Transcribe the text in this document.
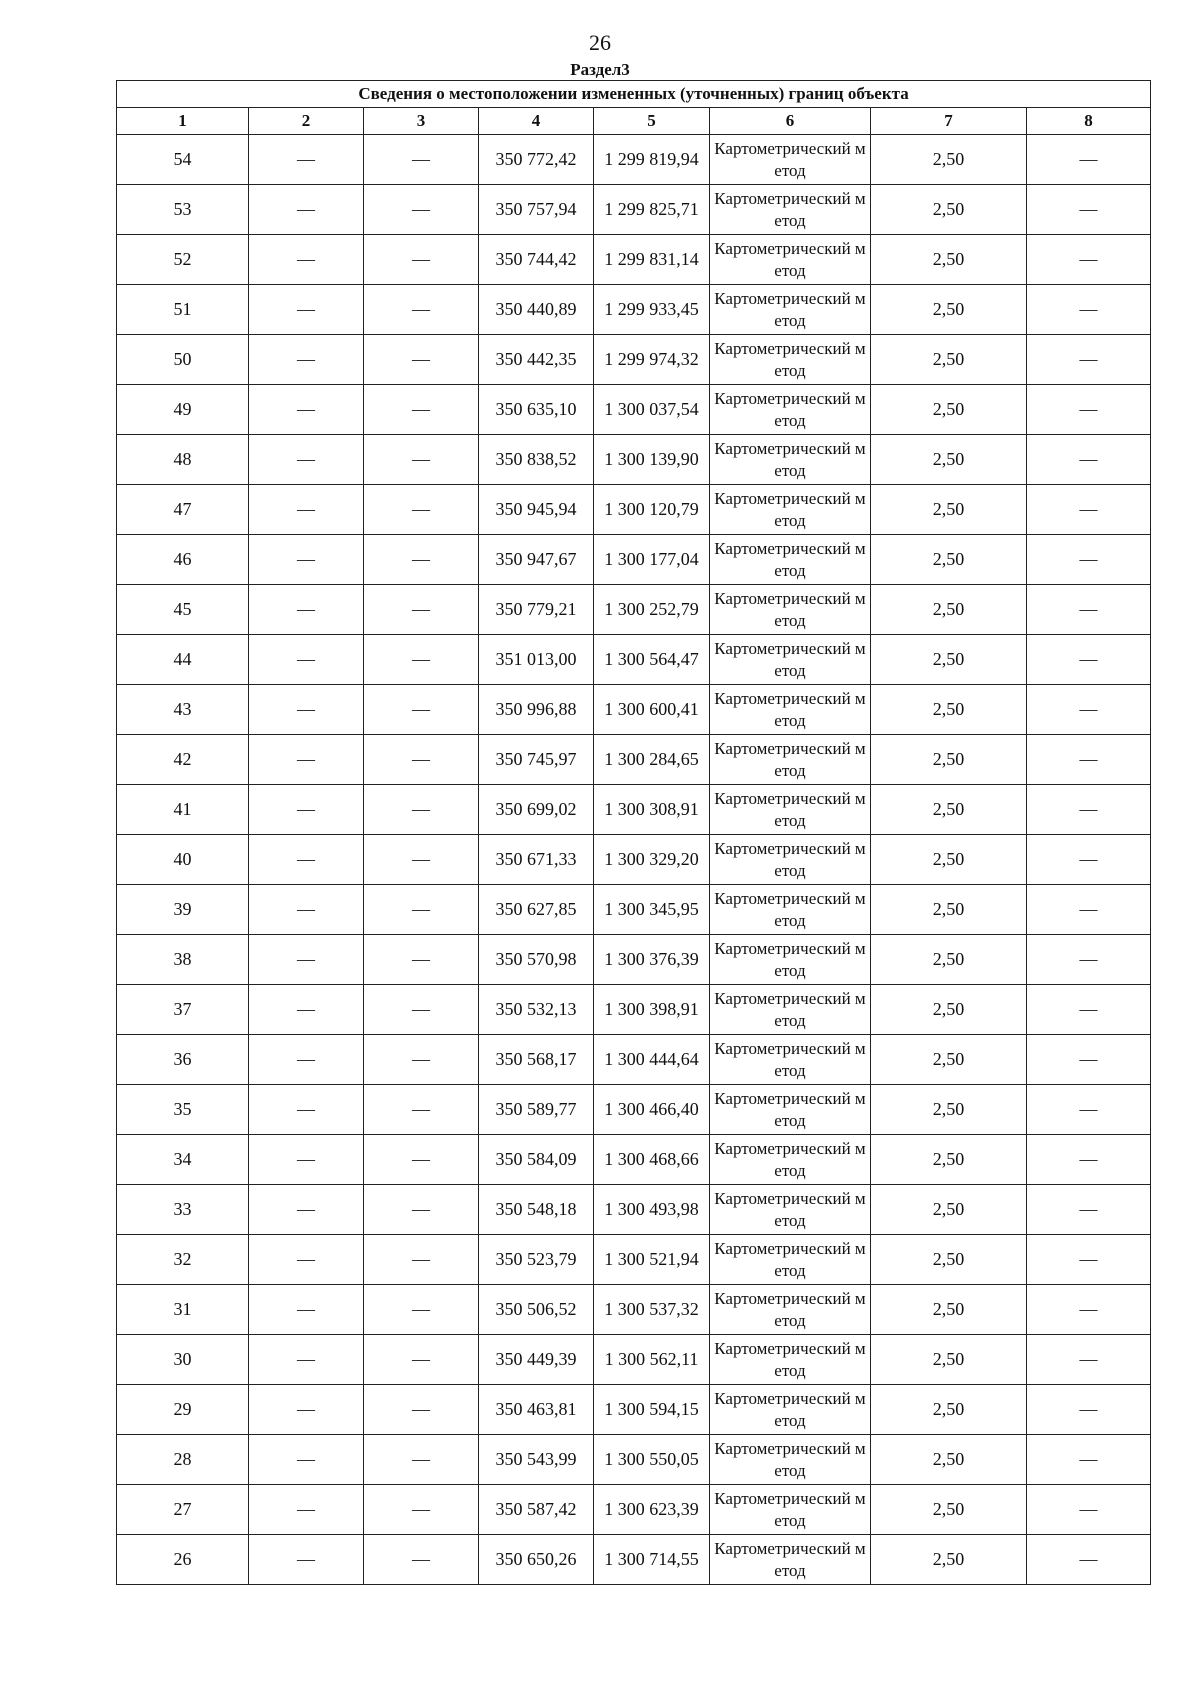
26
Раздел3
Сведения о местоположении измененных (уточненных) границ объекта							
1	2	3	4	5	6	7	8
54	—	—	350 772,42	1 299 819,94	Картометрический метод	2,50	—
53	—	—	350 757,94	1 299 825,71	Картометрический метод	2,50	—
52	—	—	350 744,42	1 299 831,14	Картометрический метод	2,50	—
51	—	—	350 440,89	1 299 933,45	Картометрический метод	2,50	—
50	—	—	350 442,35	1 299 974,32	Картометрический метод	2,50	—
49	—	—	350 635,10	1 300 037,54	Картометрический метод	2,50	—
48	—	—	350 838,52	1 300 139,90	Картометрический метод	2,50	—
47	—	—	350 945,94	1 300 120,79	Картометрический метод	2,50	—
46	—	—	350 947,67	1 300 177,04	Картометрический метод	2,50	—
45	—	—	350 779,21	1 300 252,79	Картометрический метод	2,50	—
44	—	—	351 013,00	1 300 564,47	Картометрический метод	2,50	—
43	—	—	350 996,88	1 300 600,41	Картометрический метод	2,50	—
42	—	—	350 745,97	1 300 284,65	Картометрический метод	2,50	—
41	—	—	350 699,02	1 300 308,91	Картометрический метод	2,50	—
40	—	—	350 671,33	1 300 329,20	Картометрический метод	2,50	—
39	—	—	350 627,85	1 300 345,95	Картометрический метод	2,50	—
38	—	—	350 570,98	1 300 376,39	Картометрический метод	2,50	—
37	—	—	350 532,13	1 300 398,91	Картометрический метод	2,50	—
36	—	—	350 568,17	1 300 444,64	Картометрический метод	2,50	—
35	—	—	350 589,77	1 300 466,40	Картометрический метод	2,50	—
34	—	—	350 584,09	1 300 468,66	Картометрический метод	2,50	—
33	—	—	350 548,18	1 300 493,98	Картометрический метод	2,50	—
32	—	—	350 523,79	1 300 521,94	Картометрический метод	2,50	—
31	—	—	350 506,52	1 300 537,32	Картометрический метод	2,50	—
30	—	—	350 449,39	1 300 562,11	Картометрический метод	2,50	—
29	—	—	350 463,81	1 300 594,15	Картометрический метод	2,50	—
28	—	—	350 543,99	1 300 550,05	Картометрический метод	2,50	—
27	—	—	350 587,42	1 300 623,39	Картометрический метод	2,50	—
26	—	—	350 650,26	1 300 714,55	Картометрический метод	2,50	—
